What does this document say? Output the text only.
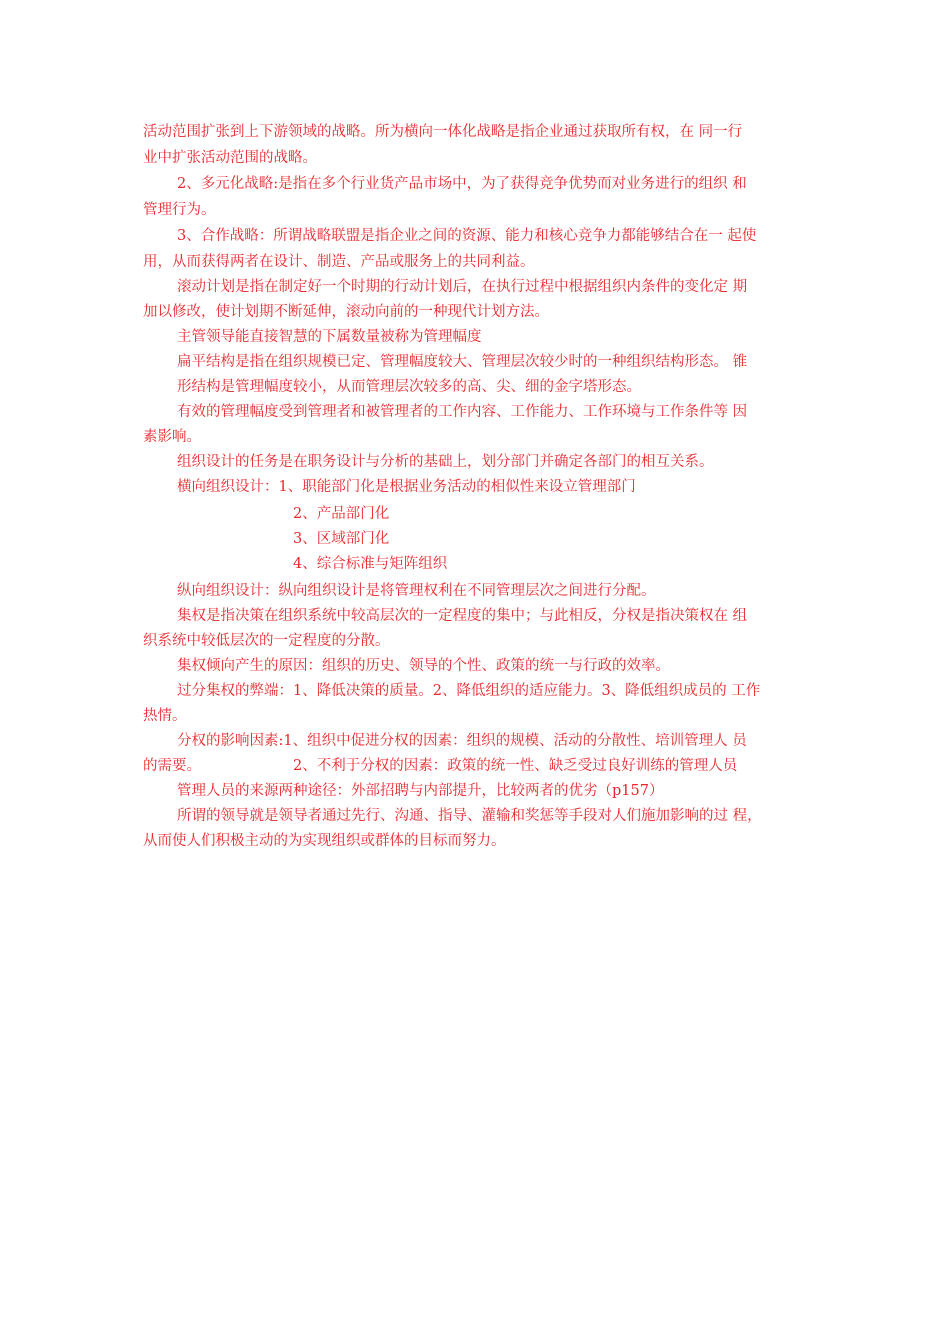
活动范围扩张到上下游领域的战略。所为横向一体化战略是指企业通过获取所有权，在 同一行
业中扩张活动范围的战略。
2、多元化战略:是指在多个行业货产品市场中，为了获得竞争优势而对业务进行的组织 和
管理行为。
3、合作战略：所谓战略联盟是指企业之间的资源、能力和核心竞争力都能够结合在一 起使
用，从而获得两者在设计、制造、产品或服务上的共同利益。
滚动计划是指在制定好一个时期的行动计划后，在执行过程中根据组织内条件的变化定 期
加以修改，使计划期不断延伸，滚动向前的一种现代计划方法。
主管领导能直接智慧的下属数量被称为管理幅度
扁平结构是指在组织规模已定、管理幅度较大、管理层次较少时的一种组织结构形态。 锥
形结构是管理幅度较小，从而管理层次较多的高、尖、细的金字塔形态。
有效的管理幅度受到管理者和被管理者的工作内容、工作能力、工作环境与工作条件等 因
素影响。
组织设计的任务是在职务设计与分析的基础上，划分部门并确定各部门的相互关系。
横向组织设计：1、职能部门化是根据业务活动的相似性来设立管理部门
2、产品部门化
3、区域部门化
4、综合标准与矩阵组织
纵向组织设计：纵向组织设计是将管理权利在不同管理层次之间进行分配。
集权是指决策在组织系统中较高层次的一定程度的集中；与此相反，分权是指决策权在 组
织系统中较低层次的一定程度的分散。
集权倾向产生的原因：组织的历史、领导的个性、政策的统一与行政的效率。
过分集权的弊端：1、降低决策的质量。2、降低组织的适应能力。3、降低组织成员的 工作
热情。
分权的影响因素:1、组织中促进分权的因素：组织的规模、活动的分散性、培训管理人 员
的需要。	2、不利于分权的因素：政策的统一性、缺乏受过良好训练的管理人员
管理人员的来源两种途径：外部招聘与内部提升，比较两者的优劣（p157）
所谓的领导就是领导者通过先行、沟通、指导、灌输和奖惩等手段对人们施加影响的过 程，
从而使人们积极主动的为实现组织或群体的目标而努力。
